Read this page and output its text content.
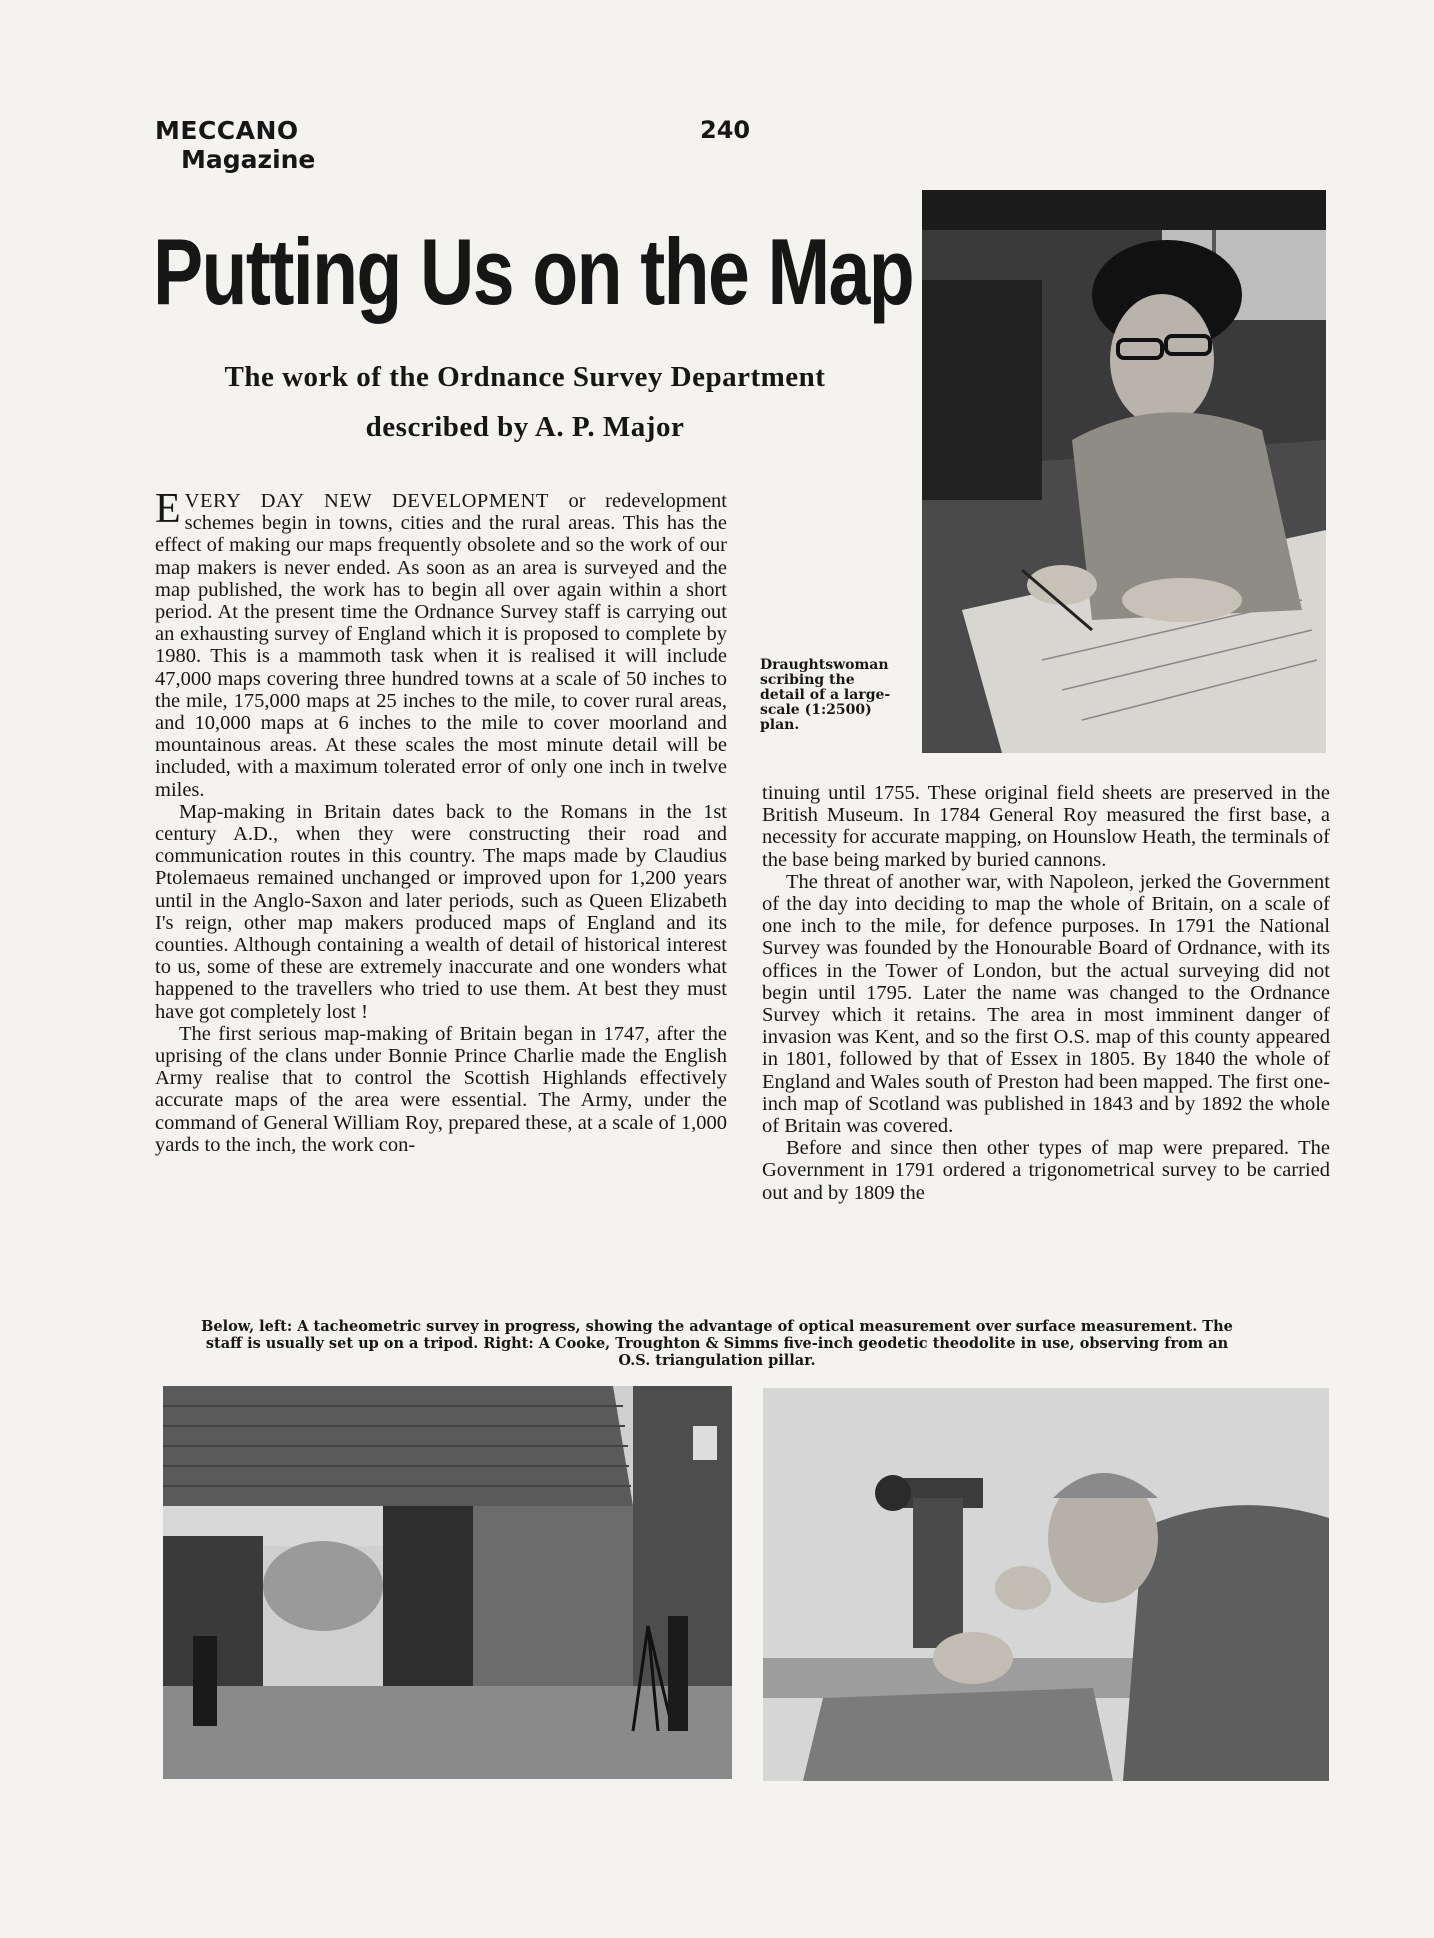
MECCANO
Magazine
240
Putting Us on the Map
The work of the Ordnance Survey Department
described by A. P. Major
Draughtswoman scribing the detail of a large-scale (1:2500) plan.

EVERY DAY NEW DEVELOPMENT or redevelopment schemes begin in towns, cities and the rural areas. This has the effect of making our maps frequently obsolete and so the work of our map makers is never ended. As soon as an area is surveyed and the map published, the work has to begin all over again within a short period. At the present time the Ordnance Survey staff is carrying out an exhausting survey of England which it is proposed to complete by 1980. This is a mammoth task when it is realised it will include 47,000 maps covering three hundred towns at a scale of 50 inches to the mile, 175,000 maps at 25 inches to the mile, to cover rural areas, and 10,000 maps at 6 inches to the mile to cover moorland and mountainous areas. At these scales the most minute detail will be included, with a maximum tolerated error of only one inch in twelve miles.

Map-making in Britain dates back to the Romans in the 1st century A.D., when they were constructing their road and communication routes in this country. The maps made by Claudius Ptolemaeus remained unchanged or improved upon for 1,200 years until in the Anglo-Saxon and later periods, such as Queen Elizabeth I's reign, other map makers produced maps of England and its counties. Although containing a wealth of detail of historical interest to us, some of these are extremely inaccurate and one wonders what happened to the travellers who tried to use them. At best they must have got completely lost !

The first serious map-making of Britain began in 1747, after the uprising of the clans under Bonnie Prince Charlie made the English Army realise that to control the Scottish Highlands effectively accurate maps of the area were essential. The Army, under the command of General William Roy, prepared these, at a scale of 1,000 yards to the inch, the work con-

tinuing until 1755. These original field sheets are preserved in the British Museum. In 1784 General Roy measured the first base, a necessity for accurate mapping, on Hounslow Heath, the terminals of the base being marked by buried cannons.

The threat of another war, with Napoleon, jerked the Government of the day into deciding to map the whole of Britain, on a scale of one inch to the mile, for defence purposes. In 1791 the National Survey was founded by the Honourable Board of Ordnance, with its offices in the Tower of London, but the actual surveying did not begin until 1795. Later the name was changed to the Ordnance Survey which it retains. The area in most imminent danger of invasion was Kent, and so the first O.S. map of this county appeared in 1801, followed by that of Essex in 1805. By 1840 the whole of England and Wales south of Preston had been mapped. The first one-inch map of Scotland was published in 1843 and by 1892 the whole of Britain was covered.

Before and since then other types of map were prepared. The Government in 1791 ordered a trigonometrical survey to be carried out and by 1809 the

Below, left: A tacheometric survey in progress, showing the advantage of optical measurement over surface measurement. The staff is usually set up on a tripod. Right: A Cooke, Troughton & Simms five-inch geodetic theodolite in use, observing from an O.S. triangulation pillar.
